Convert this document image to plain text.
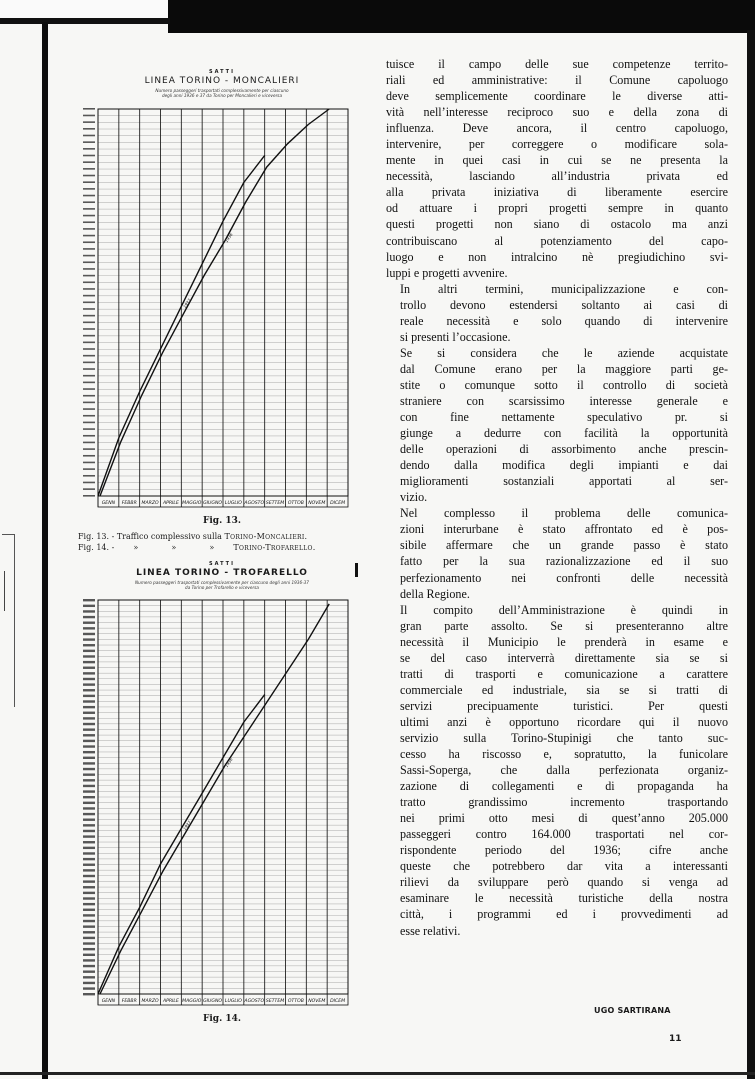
SATTI
LINEA TORINO - MONCALIERI
Numero passeggeri trasportati complessivamente per ciascuno
degli anni 1936 e 37 da Torino per Moncalieri e viceversa
GENN FEBBR MARZO APRILE MAGGIO GIUGNO LUGLIO AGOSTO SETTEM OTTOB NOVEM DICEM
1937
1936
Fig. 13.
Fig. 13. - Traffico complessivo sulla Torino-Moncalieri.
Fig. 14. - »	»	» Torino-Trofarello.
SATTI
LINEA TORINO - TROFARELLO
Numero passeggeri trasportati complessivamente per ciascuno degli anni 1936-37
da Torino per Trofarello e viceversa
GENN FEBBR MARZO APRILE MAGGIO GIUGNO LUGLIO AGOSTO SETTEM OTTOB NOVEM DICEM
1937
1936
Fig. 14.

tuisce il campo delle sue competenze territo-
riali ed amministrative: il Comune capoluogo
deve semplicemente coordinare le diverse atti-
vità nell’interesse reciproco suo e della zona di
influenza. Deve ancora, il centro capoluogo,
intervenire, per correggere o modificare sola-
mente in quei casi in cui se ne presenta la
necessità, lasciando all’industria privata ed
alla privata iniziativa di liberamente esercire
od attuare i propri progetti sempre in quanto
questi progetti non siano di ostacolo ma anzi
contribuiscano al potenziamento del capo-
luogo e non intralcino nè pregiudichino svi-
luppi e progetti avvenire.

In altri termini, municipalizzazione e con-
trollo devono estendersi soltanto ai casi di
reale necessità e solo quando di intervenire
si presenti l’occasione.

Se si considera che le aziende acquistate
dal Comune erano per la maggiore parti ge-
stite o comunque sotto il controllo di società
straniere con scarsissimo interesse generale e
con fine nettamente speculativo pr. si
giunge a dedurre con facilità la opportunità
delle operazioni di assorbimento anche prescin-
dendo dalla modifica degli impianti e dai
miglioramenti sostanziali apportati al ser-
vizio.

Nel complesso il problema delle comunica-
zioni interurbane è stato affrontato ed è pos-
sibile affermare che un grande passo è stato
fatto per la sua razionalizzazione ed il suo
perfezionamento nei confronti delle necessità
della Regione.

Il compito dell’Amministrazione è quindi in
gran parte assolto. Se si presenteranno altre
necessità il Municipio le prenderà in esame e
se del caso interverrà direttamente sia se si
tratti di trasporti e comunicazione a carattere
commerciale ed industriale, sia se si tratti di
servizi precipuamente turistici. Per questi
ultimi anzi è opportuno ricordare qui il nuovo
servizio sulla Torino-Stupinigi che tanto suc-
cesso ha riscosso e, sopratutto, la funicolare
Sassi-Soperga, che dalla perfezionata organiz-
zazione di collegamenti e di propaganda ha
tratto grandissimo incremento trasportando
nei primi otto mesi di quest’anno 205.000
passeggeri contro 164.000 trasportati nel cor-
rispondente periodo del 1936; cifre anche
queste che potrebbero dar vita a interessanti
rilievi da sviluppare però quando si venga ad
esaminare le necessità turistiche della nostra
città, i programmi ed i provvedimenti ad
esse relativi.

UGO SARTIRANA
11
